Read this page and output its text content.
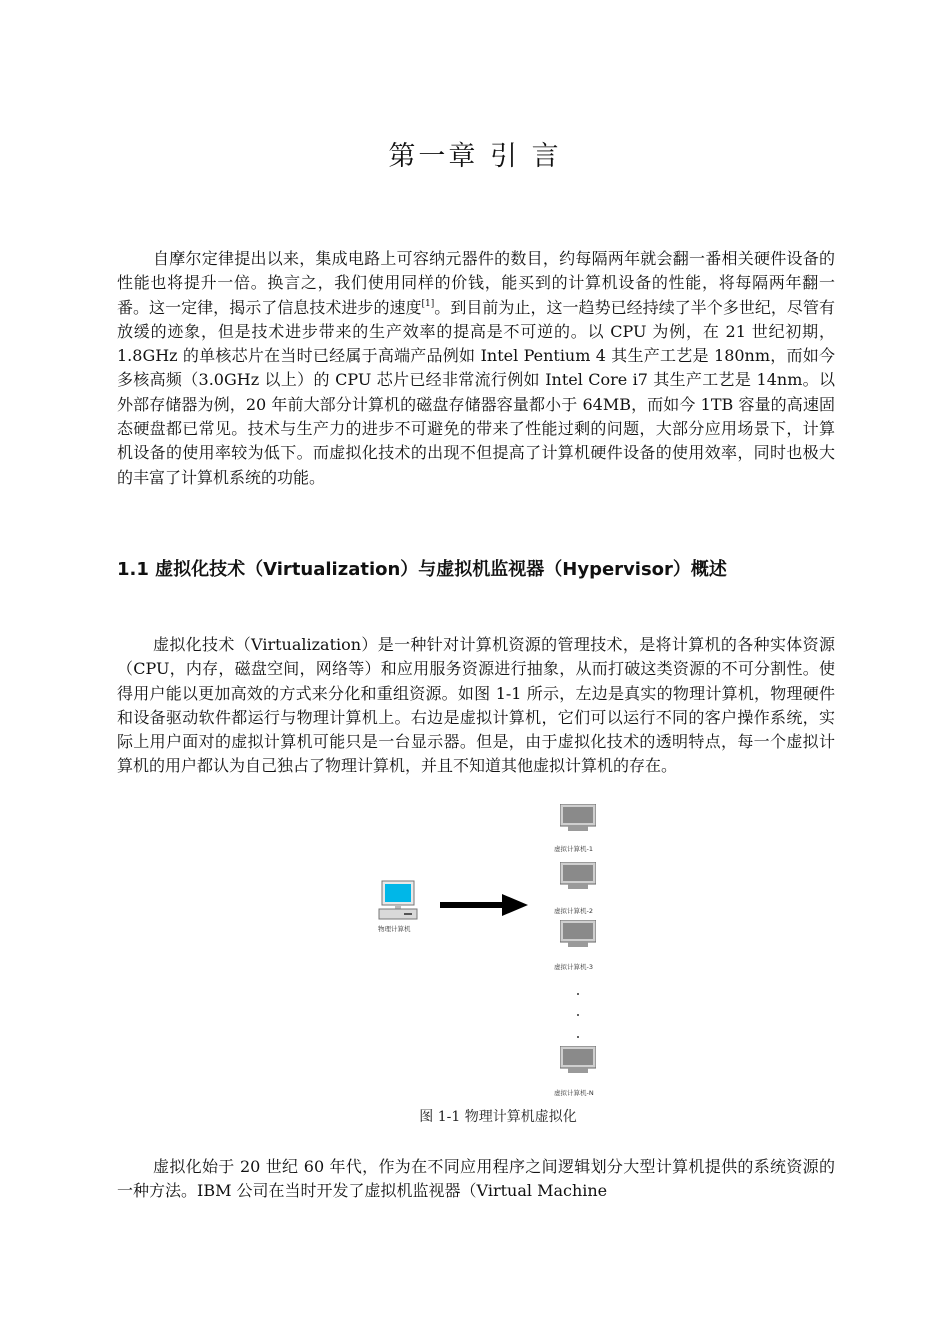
第一章 引 言

自摩尔定律提出以来，集成电路上可容纳元器件的数目，约每隔两年就会翻一番相关硬件设备的性能也将提升一倍。换言之，我们使用同样的价钱，能买到的计算机设备的性能，将每隔两年翻一番。这一定律，揭示了信息技术进步的速度[1]。到目前为止，这一趋势已经持续了半个多世纪，尽管有放缓的迹象，但是技术进步带来的生产效率的提高是不可逆的。以 CPU 为例，在 21 世纪初期，1.8GHz 的单核芯片在当时已经属于高端产品例如 Intel Pentium 4 其生产工艺是 180nm，而如今多核高频（3.0GHz 以上）的 CPU 芯片已经非常流行例如 Intel Core i7 其生产工艺是 14nm。以外部存储器为例，20 年前大部分计算机的磁盘存储器容量都小于 64MB，而如今 1TB 容量的高速固态硬盘都已常见。技术与生产力的进步不可避免的带来了性能过剩的问题，大部分应用场景下，计算机设备的使用率较为低下。而虚拟化技术的出现不但提高了计算机硬件设备的使用效率，同时也极大的丰富了计算机系统的功能。

1.1 虚拟化技术（Virtualization）与虚拟机监视器（Hypervisor）概述

虚拟化技术（Virtualization）是一种针对计算机资源的管理技术，是将计算机的各种实体资源（CPU，内存，磁盘空间，网络等）和应用服务资源进行抽象，从而打破这类资源的不可分割性。使得用户能以更加高效的方式来分化和重组资源。如图 1-1 所示，左边是真实的物理计算机，物理硬件和设备驱动软件都运行与物理计算机上。右边是虚拟计算机，它们可以运行不同的客户操作系统，实际上用户面对的虚拟计算机可能只是一台显示器。但是，由于虚拟化技术的透明特点，每一个虚拟计算机的用户都认为自己独占了物理计算机，并且不知道其他虚拟计算机的存在。

物理计算机
虚拟计算机-1
虚拟计算机-2
虚拟计算机-3
虚拟计算机-N
图 1-1 物理计算机虚拟化

虚拟化始于 20 世纪 60 年代，作为在不同应用程序之间逻辑划分大型计算机提供的系统资源的一种方法。IBM 公司在当时开发了虚拟机监视器（Virtual Machine
